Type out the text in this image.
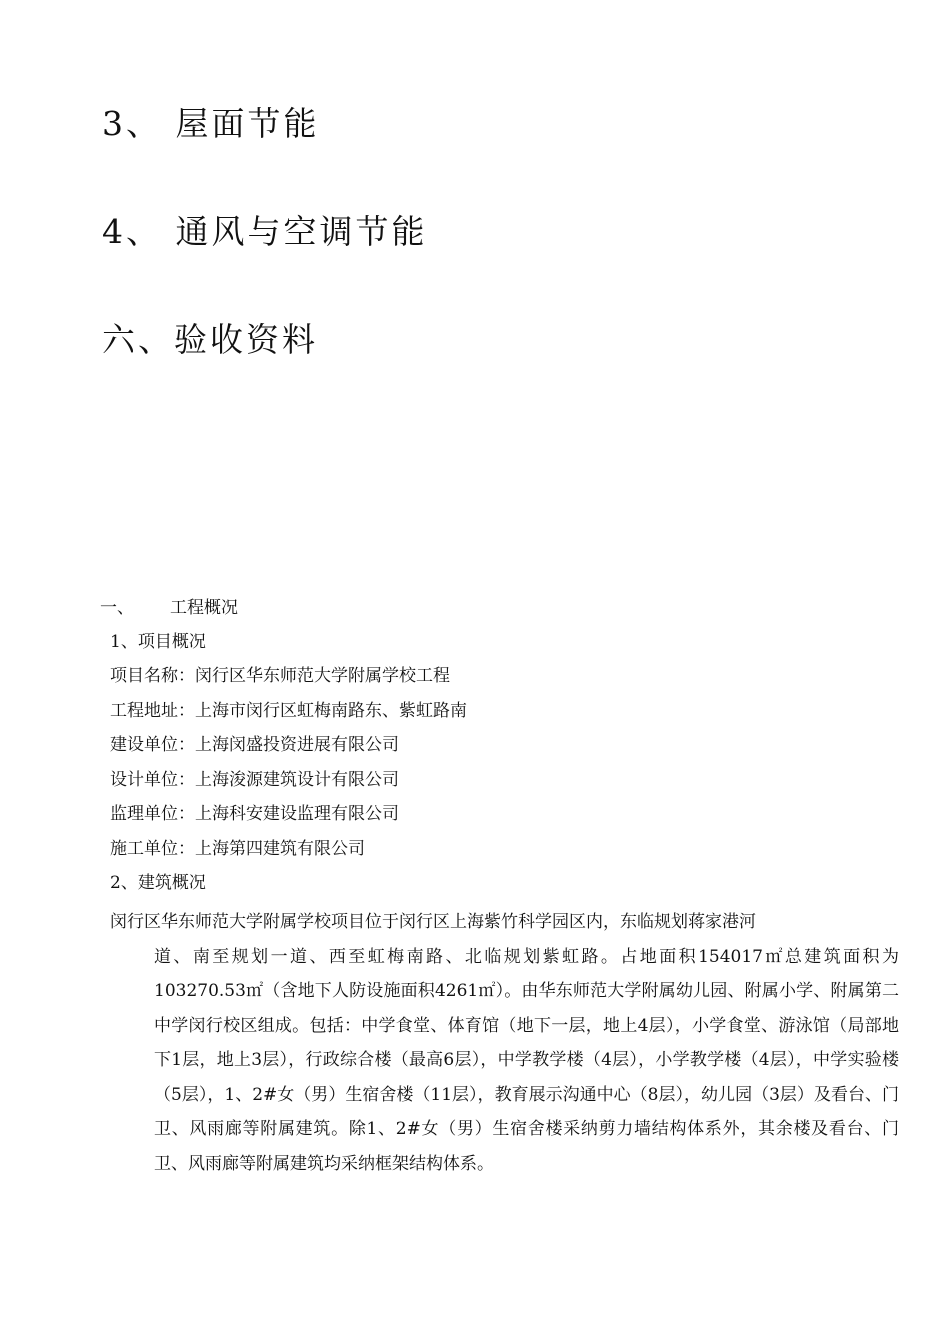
3、 屋面节能
4、 通风与空调节能
六、验收资料
一、 工程概况

1、项目概况

项目名称：闵行区华东师范大学附属学校工程

工程地址：上海市闵行区虹梅南路东、紫虹路南

建设单位：上海闵盛投资进展有限公司

设计单位：上海浚源建筑设计有限公司

监理单位：上海科安建设监理有限公司

施工单位：上海第四建筑有限公司

2、建筑概况

闵行区华东师范大学附属学校项目位于闵行区上海紫竹科学园区内，东临规划蒋家港河
道、南至规划一道、西至虹梅南路、北临规划紫虹路。占地面积154017㎡总建筑面积为103270.53㎡（含地下人防设施面积4261㎡）。由华东师范大学附属幼儿园、附属小学、附属第二中学闵行校区组成。包括：中学食堂、体育馆（地下一层，地上4层），小学食堂、游泳馆（局部地下1层，地上3层），行政综合楼（最高6层），中学教学楼（4层），小学教学楼（4层），中学实验楼（5层），1、2#女（男）生宿舍楼（11层），教育展示沟通中心（8层），幼儿园（3层）及看台、门卫、风雨廊等附属建筑。除1、2#女（男）生宿舍楼采纳剪力墙结构体系外，其余楼及看台、门卫、风雨廊等附属建筑均采纳框架结构体系。
